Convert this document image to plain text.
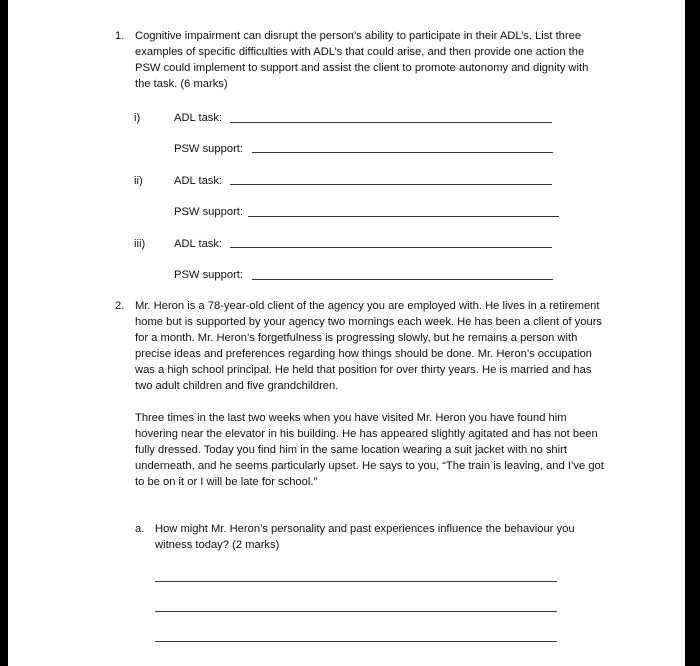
1. Cognitive impairment can disrupt the person’s ability to participate in their ADL’s. List three examples of specific difficulties with ADL’s that could arise, and then provide one action the PSW could implement to support and assist the client to promote autonomy and dignity with the task. (6 marks)
i)	ADL task:
PSW support:
ii)	ADL task:
PSW support:
iii)	ADL task:
PSW support:
2. Mr. Heron is a 78-year-old client of the agency you are employed with. He lives in a retirement home but is supported by your agency two mornings each week. He has been a client of yours for a month. Mr. Heron’s forgetfulness is progressing slowly, but he remains a person with precise ideas and preferences regarding how things should be done. Mr. Heron’s occupation was a high school principal. He held that position for over thirty years. He is married and has two adult children and five grandchildren.
Three times in the last two weeks when you have visited Mr. Heron you have found him hovering near the elevator in his building. He has appeared slightly agitated and has not been fully dressed. Today you find him in the same location wearing a suit jacket with no shirt underneath, and he seems particularly upset. He says to you, “The train is leaving, and I’ve got to be on it or I will be late for school.”
a. How might Mr. Heron’s personality and past experiences influence the behaviour you witness today? (2 marks)
